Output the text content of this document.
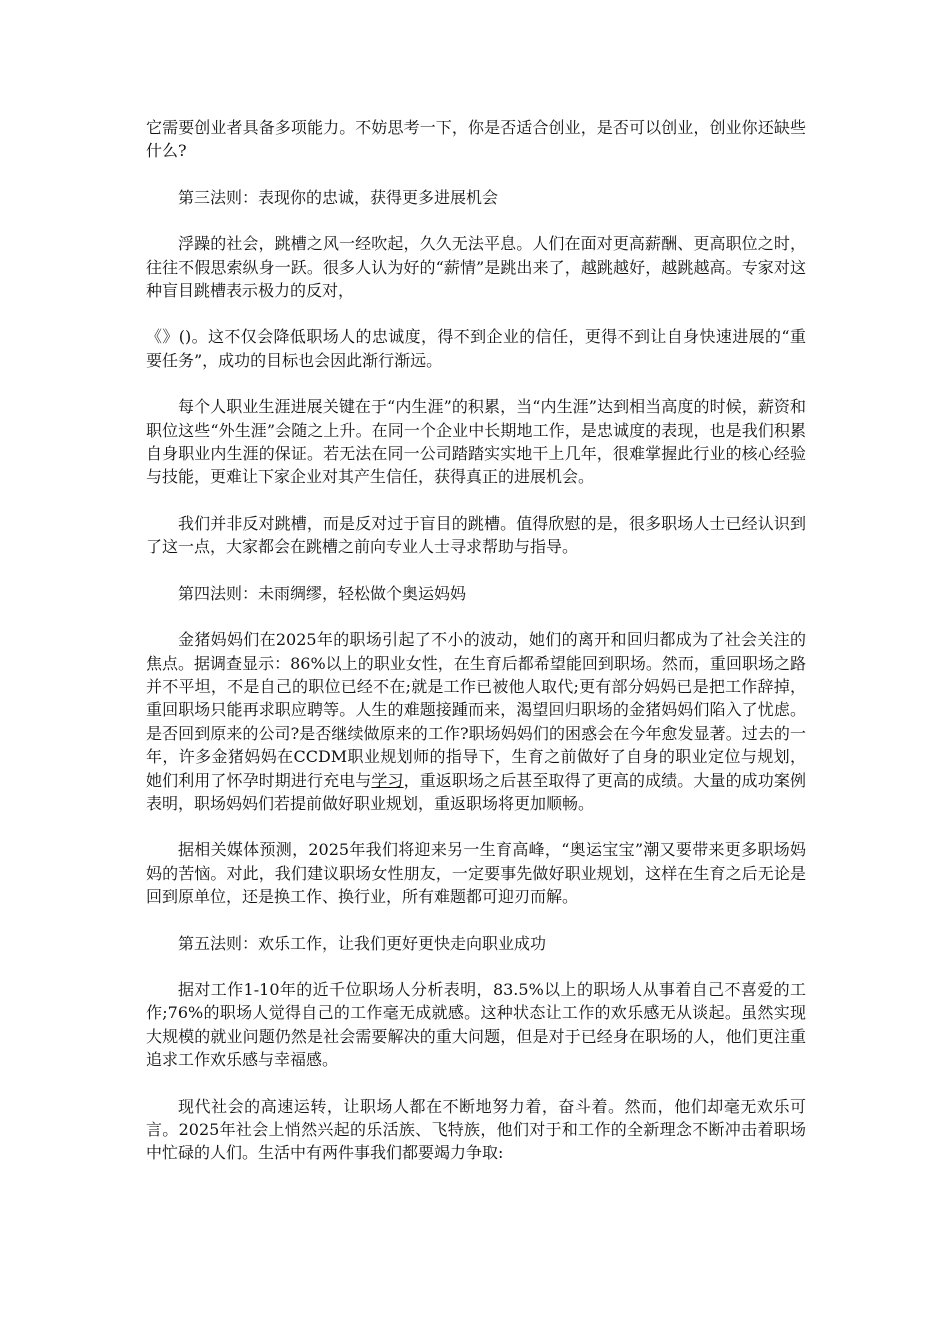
它需要创业者具备多项能力。不妨思考一下，你是否适合创业，是否可以创业，创业你还缺些什么?

第三法则：表现你的忠诚，获得更多进展机会

浮躁的社会，跳槽之风一经吹起，久久无法平息。人们在面对更高薪酬、更高职位之时，往往不假思索纵身一跃。很多人认为好的“薪情”是跳出来了，越跳越好，越跳越高。专家对这种盲目跳槽表示极力的反对，

《》()。这不仅会降低职场人的忠诚度，得不到企业的信任，更得不到让自身快速进展的“重要任务”，成功的目标也会因此渐行渐远。

每个人职业生涯进展关键在于“内生涯”的积累，当“内生涯”达到相当高度的时候，薪资和职位这些“外生涯”会随之上升。在同一个企业中长期地工作，是忠诚度的表现，也是我们积累自身职业内生涯的保证。若无法在同一公司踏踏实实地干上几年，很难掌握此行业的核心经验与技能，更难让下家企业对其产生信任，获得真正的进展机会。

我们并非反对跳槽，而是反对过于盲目的跳槽。值得欣慰的是，很多职场人士已经认识到了这一点，大家都会在跳槽之前向专业人士寻求帮助与指导。

第四法则：未雨绸缪，轻松做个奥运妈妈

金猪妈妈们在2025年的职场引起了不小的波动，她们的离开和回归都成为了社会关注的焦点。据调查显示：86%以上的职业女性，在生育后都希望能回到职场。然而，重回职场之路并不平坦，不是自己的职位已经不在;就是工作已被他人取代;更有部分妈妈已是把工作辞掉，重回职场只能再求职应聘等。人生的难题接踵而来，渴望回归职场的金猪妈妈们陷入了忧虑。是否回到原来的公司?是否继续做原来的工作?职场妈妈们的困惑会在今年愈发显著。过去的一年，许多金猪妈妈在CCDM职业规划师的指导下，生育之前做好了自身的职业定位与规划，她们利用了怀孕时期进行充电与学习，重返职场之后甚至取得了更高的成绩。大量的成功案例表明，职场妈妈们若提前做好职业规划，重返职场将更加顺畅。

据相关媒体预测，2025年我们将迎来另一生育高峰，“奥运宝宝”潮又要带来更多职场妈妈的苦恼。对此，我们建议职场女性朋友，一定要事先做好职业规划，这样在生育之后无论是回到原单位，还是换工作、换行业，所有难题都可迎刃而解。

第五法则：欢乐工作，让我们更好更快走向职业成功

据对工作1-10年的近千位职场人分析表明，83.5%以上的职场人从事着自己不喜爱的工作;76%的职场人觉得自己的工作毫无成就感。这种状态让工作的欢乐感无从谈起。虽然实现大规模的就业问题仍然是社会需要解决的重大问题，但是对于已经身在职场的人，他们更注重追求工作欢乐感与幸福感。

现代社会的高速运转，让职场人都在不断地努力着，奋斗着。然而，他们却毫无欢乐可言。2025年社会上悄然兴起的乐活族、飞特族，他们对于和工作的全新理念不断冲击着职场中忙碌的人们。生活中有两件事我们都要竭力争取:
